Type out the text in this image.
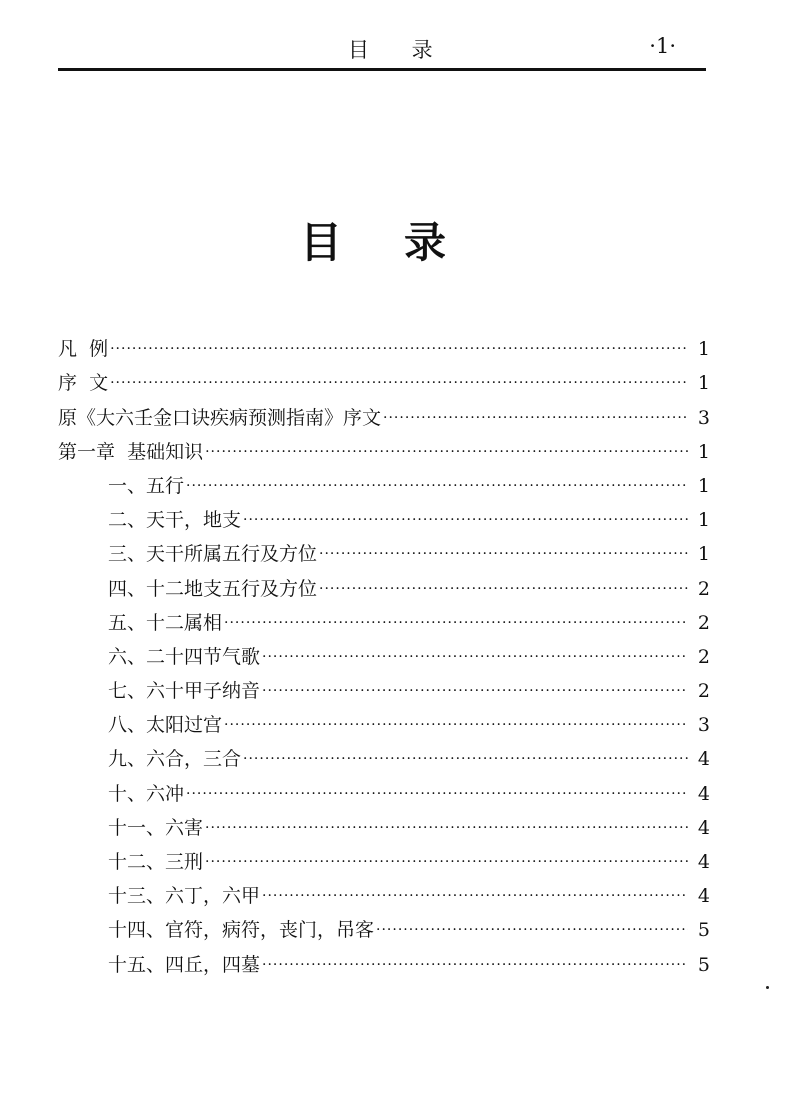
目 录	·1·
目录
凡  例 ·····	1
序  文 ·····	1
原《大六壬金口诀疾病预测指南》序文 ·····	3
第一章  基础知识 ·····	1
一、五行 ·····	1
二、天干，地支 ·····	1
三、天干所属五行及方位 ·····	1
四、十二地支五行及方位 ·····	2
五、十二属相 ·····	2
六、二十四节气歌 ·····	2
七、六十甲子纳音 ·····	2
八、太阳过宫 ·····	3
九、六合，三合 ·····	4
十、六冲 ·····	4
十一、六害 ·····	4
十二、三刑 ·····	4
十三、六丁，六甲 ·····	4
十四、官符，病符，丧门，吊客 ·····	5
十五、四丘，四墓 ·····	5
